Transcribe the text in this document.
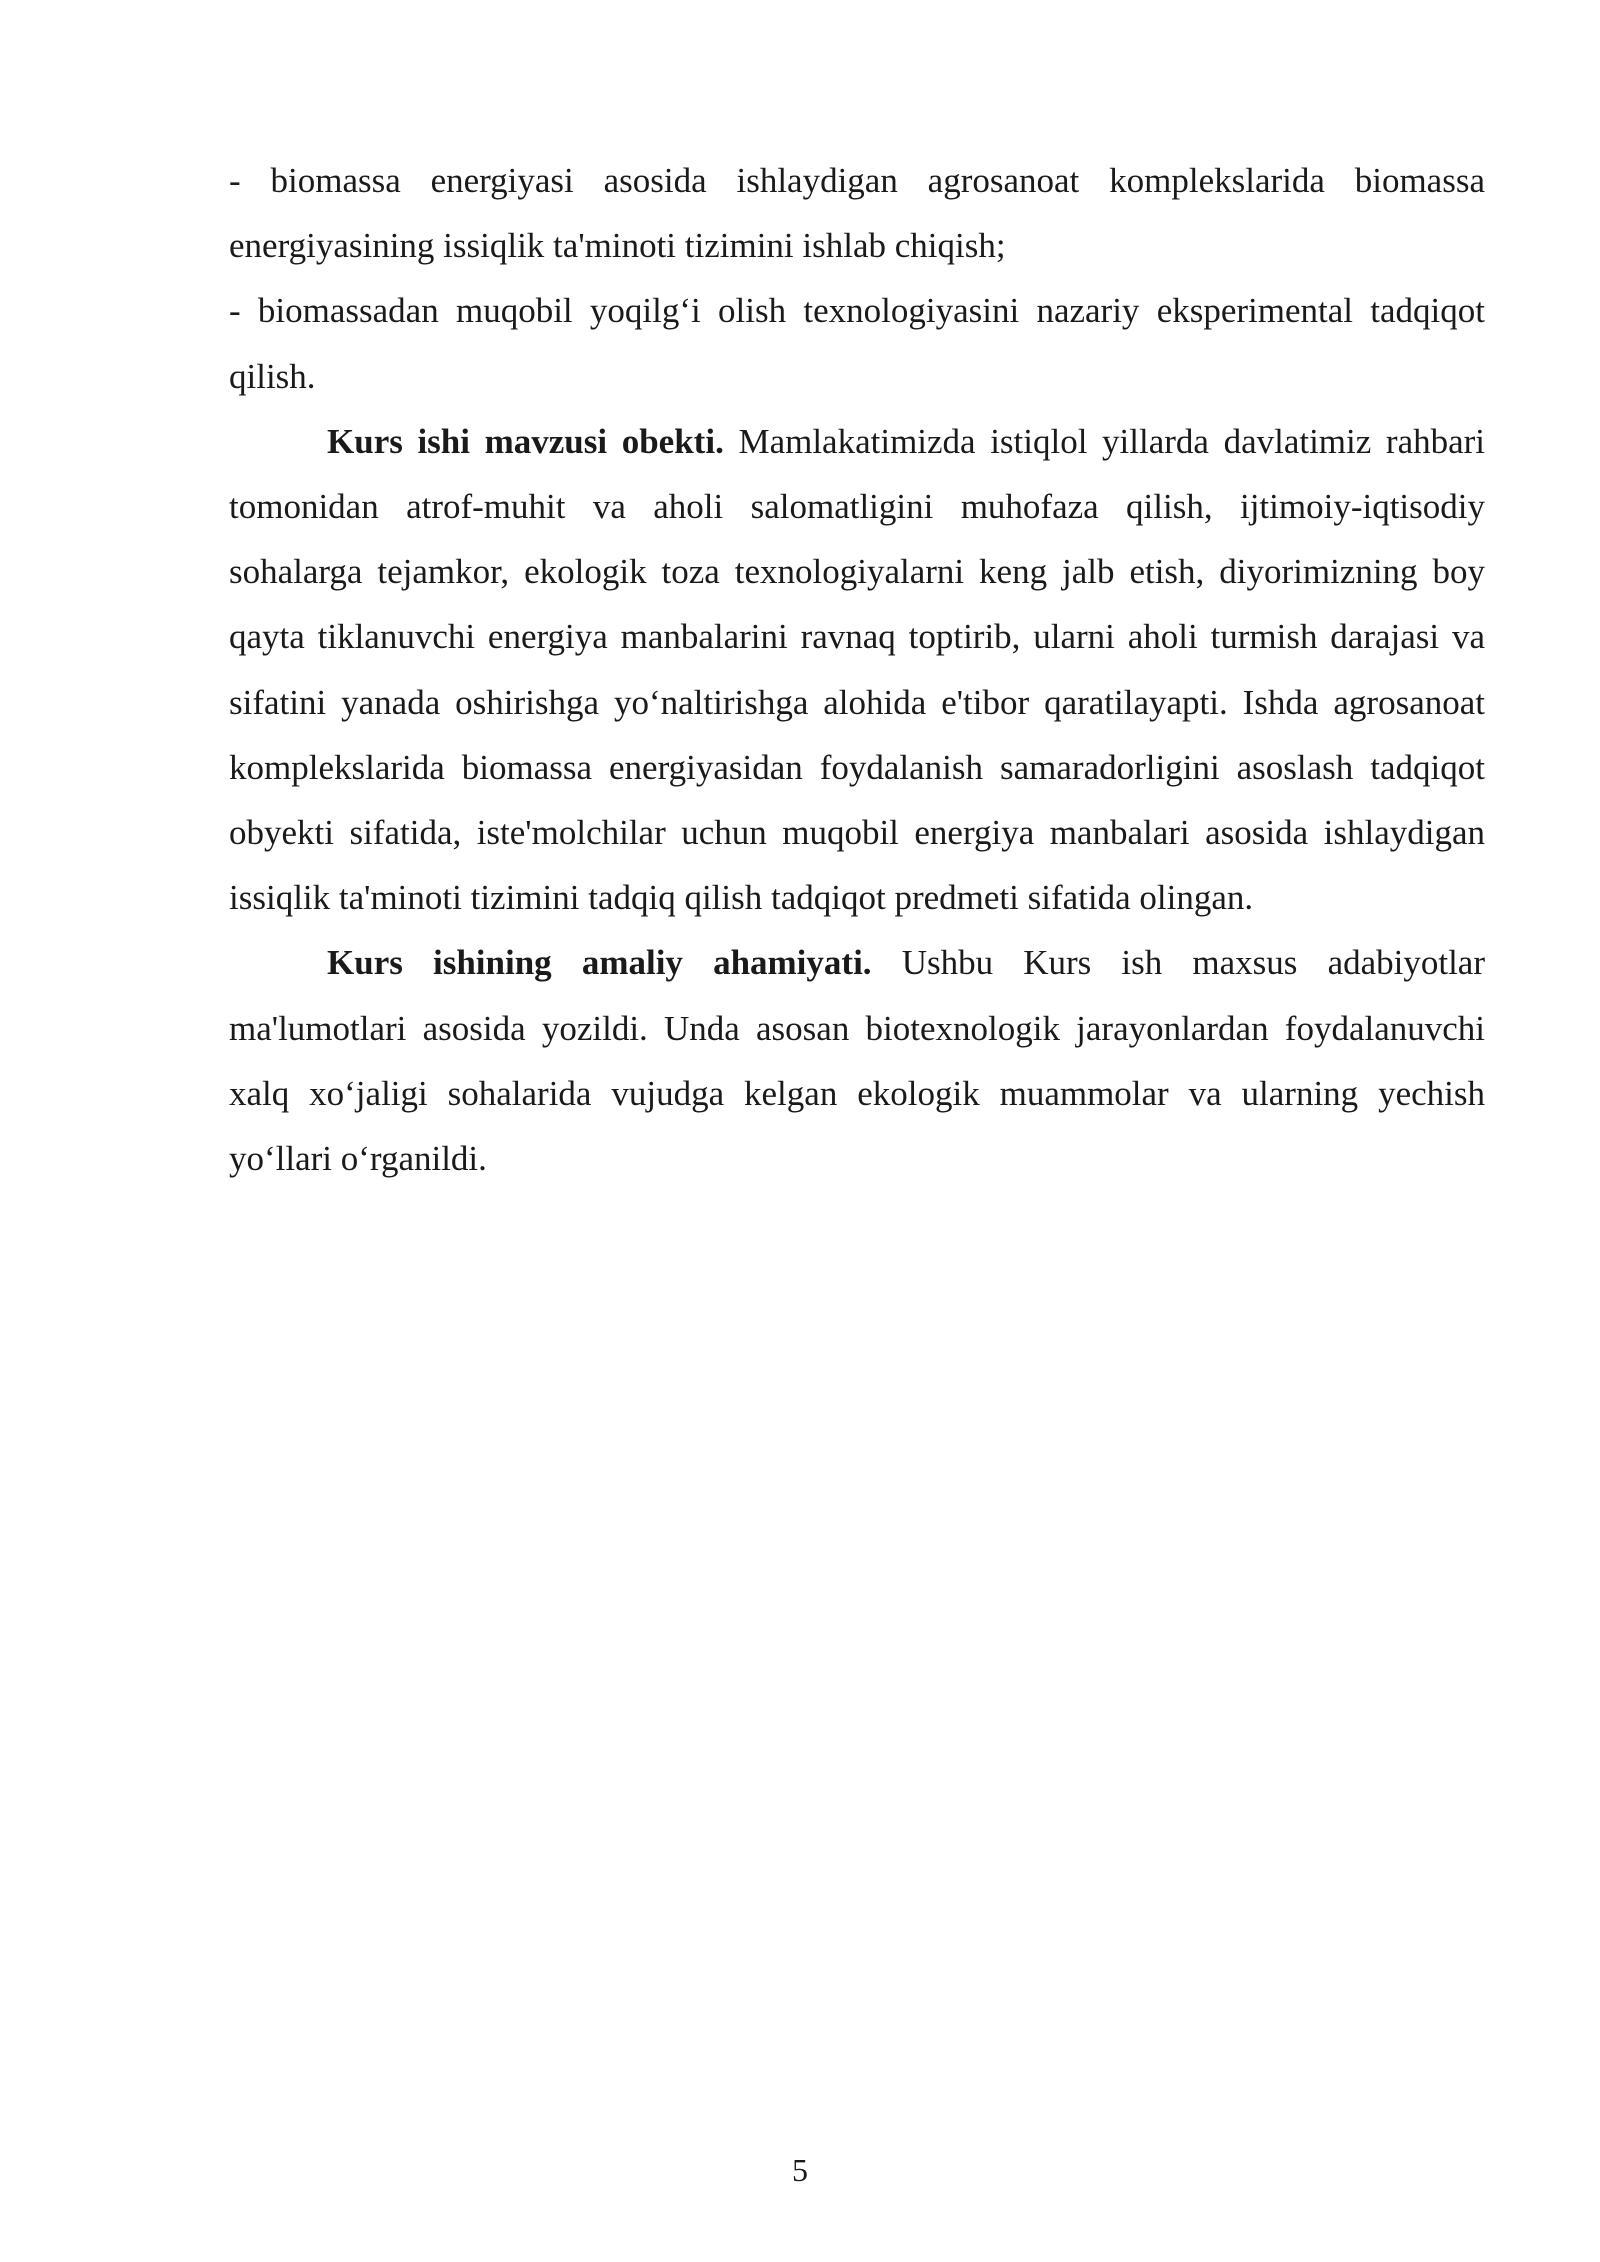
- biomassa energiyasi asosida ishlaydigan agrosanoat komplekslarida biomassa energiyasining issiqlik ta'minoti tizimini ishlab chiqish;

- biomassadan muqobil yoqilg‘i olish texnologiyasini nazariy eksperimental tadqiqot qilish.

Kurs ishi mavzusi obekti. Mamlakatimizda istiqlol yillarda davlatimiz rahbari tomonidan atrof-muhit va aholi salomatligini muhofaza qilish, ijtimoiy-iqtisodiy sohalarga tejamkor, ekologik toza texnologiyalarni keng jalb etish, diyorimizning boy qayta tiklanuvchi energiya manbalarini ravnaq toptirib, ularni aholi turmish darajasi va sifatini yanada oshirishga yo‘naltirishga alohida e'tibor qaratilayapti. Ishda agrosanoat komplekslarida biomassa energiyasidan foydalanish samaradorligini asoslash tadqiqot obyekti sifatida, iste'molchilar uchun muqobil energiya manbalari asosida ishlaydigan issiqlik ta'minoti tizimini tadqiq qilish tadqiqot predmeti sifatida olingan.

Kurs ishining amaliy ahamiyati. Ushbu Kurs ish maxsus adabiyotlar ma'lumotlari asosida yozildi. Unda asosan biotexnologik jarayonlardan foydalanuvchi xalq xo‘jaligi sohalarida vujudga kelgan ekologik muammolar va ularning yechish yo‘llari o‘rganildi.

5
